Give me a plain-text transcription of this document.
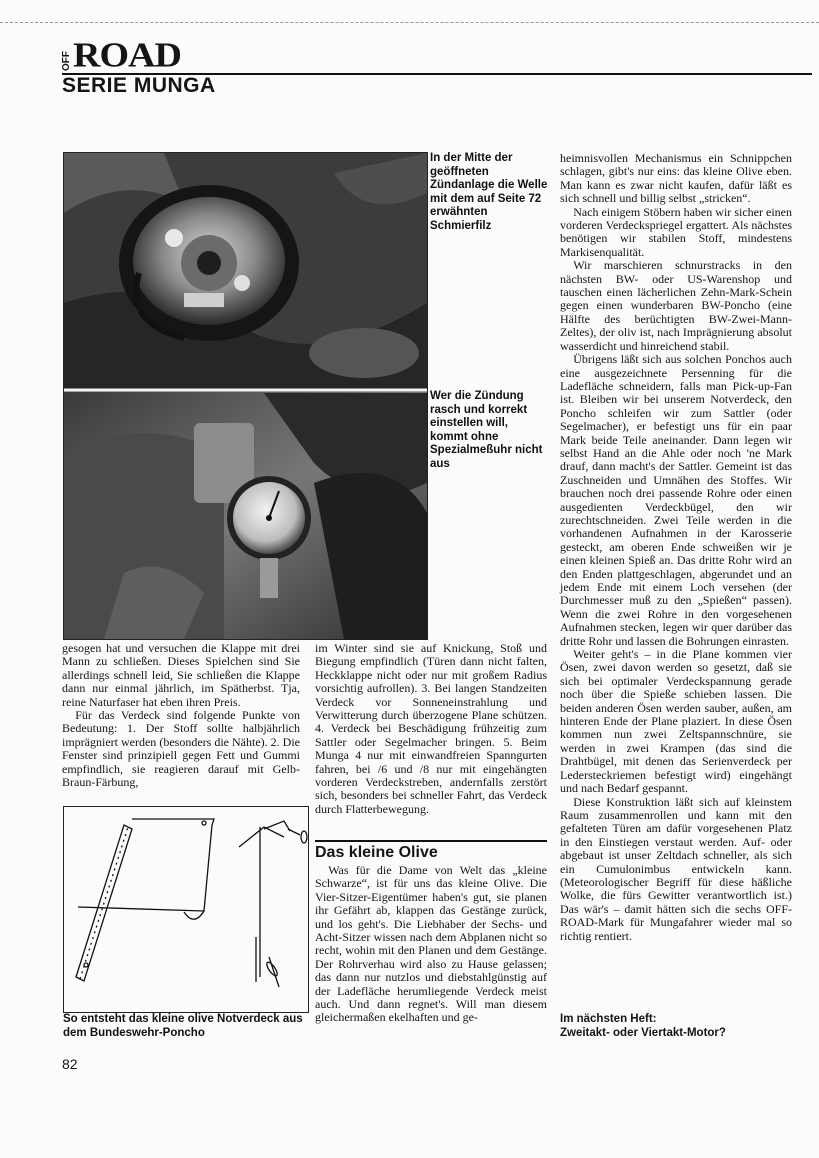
OFF ROAD
SERIE MUNGA
In der Mitte der geöffneten Zündanlage die Welle mit dem auf Seite 72 erwähnten Schmierfilz
Wer die Zündung rasch und korrekt einstellen will, kommt ohne Spezialmeßuhr nicht aus

gesogen hat und versuchen die Klappe mit drei Mann zu schließen. Dieses Spielchen sind Sie allerdings schnell leid, Sie schließen die Klappe dann nur einmal jährlich, im Spätherbst. Tja, reine Naturfaser hat eben ihren Preis.

Für das Verdeck sind folgende Punkte von Bedeutung: 1. Der Stoff sollte halbjährlich imprägniert werden (besonders die Nähte). 2. Die Fenster sind prinzipiell gegen Fett und Gummi empfindlich, sie reagieren darauf mit Gelb-Braun-Färbung,

So entsteht das kleine olive Notverdeck aus dem Bundeswehr-Poncho

im Winter sind sie auf Knickung, Stoß und Biegung empfindlich (Türen dann nicht falten, Heckklappe nicht oder nur mit großem Radius vorsichtig aufrollen). 3. Bei langen Standzeiten Verdeck vor Sonneneinstrahlung und Verwitterung durch überzogene Plane schützen. 4. Verdeck bei Beschädigung frühzeitig zum Sattler oder Segelmacher bringen. 5. Beim Munga 4 nur mit einwandfreien Spanngurten fahren, bei /6 und /8 nur mit eingehängten vorderen Verdeckstreben, andernfalls zerstört sich, besonders bei schneller Fahrt, das Verdeck durch Flatterbewegung.

Das kleine Olive

Was für die Dame von Welt das „kleine Schwarze“, ist für uns das kleine Olive. Die Vier-Sitzer-Eigentümer haben's gut, sie planen ihr Gefährt ab, klappen das Gestänge zurück, und los geht's. Die Liebhaber der Sechs- und Acht-Sitzer wissen nach dem Abplanen nicht so recht, wohin mit den Planen und dem Gestänge. Der Rohrverhau wird also zu Hause gelassen; das dann nur nutzlos und diebstahlgünstig auf der Ladefläche herumliegende Verdeck meist auch. Und dann regnet's. Will man diesem gleichermaßen ekelhaften und ge-

heimnisvollen Mechanismus ein Schnippchen schlagen, gibt's nur eins: das kleine Olive eben. Man kann es zwar nicht kaufen, dafür läßt es sich schnell und billig selbst „stricken“.

Nach einigem Stöbern haben wir sicher einen vorderen Verdeckspriegel ergattert. Als nächstes benötigen wir stabilen Stoff, mindestens Markisenqualität.

Wir marschieren schnurstracks in den nächsten BW- oder US-Warenshop und tauschen einen lächerlichen Zehn-Mark-Schein gegen einen wunderbaren BW-Poncho (eine Hälfte des berüchtigten BW-Zwei-Mann-Zeltes), der oliv ist, nach Imprägnierung absolut wasserdicht und hinreichend stabil.

Übrigens läßt sich aus solchen Ponchos auch eine ausgezeichnete Persenning für die Ladefläche schneidern, falls man Pick-up-Fan ist. Bleiben wir bei unserem Notverdeck, den Poncho schleifen wir zum Sattler (oder Segelmacher), er befestigt uns für ein paar Mark beide Teile aneinander. Dann legen wir selbst Hand an die Ahle oder noch 'ne Mark drauf, dann macht's der Sattler. Gemeint ist das Zuschneiden und Umnähen des Stoffes. Wir brauchen noch drei passende Rohre oder einen ausgedienten Verdeckbügel, den wir zurechtschneiden. Zwei Teile werden in die vorhandenen Aufnahmen in der Karosserie gesteckt, am oberen Ende schweißen wir je einen kleinen Spieß an. Das dritte Rohr wird an den Enden plattgeschlagen, abgerundet und an jedem Ende mit einem Loch versehen (der Durchmesser muß zu den „Spießen“ passen). Wenn die zwei Rohre in den vorgesehenen Aufnahmen stecken, legen wir quer darüber das dritte Rohr und lassen die Bohrungen einrasten.

Weiter geht's – in die Plane kommen vier Ösen, zwei davon werden so gesetzt, daß sie sich bei optimaler Verdeckspannung gerade noch über die Spieße schieben lassen. Die beiden anderen Ösen werden sauber, außen, am hinteren Ende der Plane plaziert. In diese Ösen kommen nun zwei Zeltspannschnüre, sie werden in zwei Krampen (das sind die Drahtbügel, mit denen das Serienverdeck per Ledersteckriemen befestigt wird) eingehängt und nach Bedarf gespannt.

Diese Konstruktion läßt sich auf kleinstem Raum zusammenrollen und kann mit den gefalteten Türen am dafür vorgesehenen Platz in den Einstiegen verstaut werden. Auf- oder abgebaut ist unser Zeltdach schneller, als sich ein Cumulonimbus entwickeln kann. (Meteorologischer Begriff für diese häßliche Wolke, die fürs Gewitter verantwortlich ist.) Das wär's – damit hätten sich die sechs OFF-ROAD-Mark für Mungafahrer wieder mal so richtig rentiert.

Im nächsten Heft:
Zweitakt- oder Viertakt-Motor?
82
